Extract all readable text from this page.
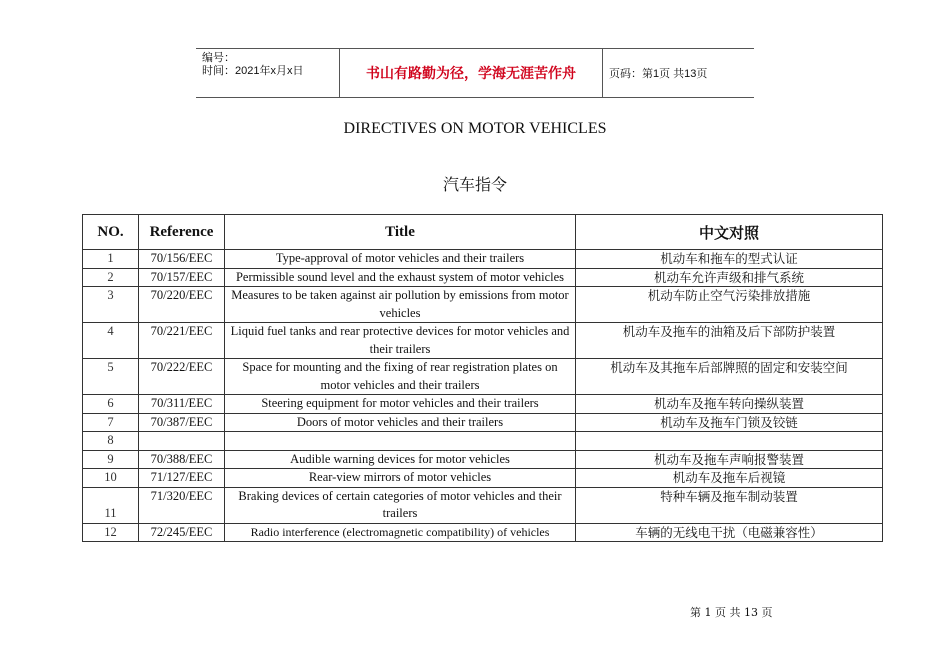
编号：
时间：2021年x月x日	书山有路勤为径，学海无涯苦作舟	页码：第1页 共13页
DIRECTIVES ON MOTOR VEHICLES
汽车指令
NO.	Reference	Title	中文对照
1	70/156/EEC	Type-approval of motor vehicles and their trailers	机动车和拖车的型式认证
2	70/157/EEC	Permissible sound level and the exhaust system of motor vehicles	机动车允许声级和排气系统
3	70/220/EEC	Measures to be taken against air pollution by emissions from motor vehicles	机动车防止空气污染排放措施
4	70/221/EEC	Liquid fuel tanks and rear protective devices for motor vehicles and their trailers	机动车及拖车的油箱及后下部防护装置
5	70/222/EEC	Space for mounting and the fixing of rear registration plates on motor vehicles and their trailers	机动车及其拖车后部牌照的固定和安装空间
6	70/311/EEC	Steering equipment for motor vehicles and their trailers	机动车及拖车转向操纵装置
7	70/387/EEC	Doors of motor vehicles and their trailers	机动车及拖车门锁及铰链
8			
9	70/388/EEC	Audible warning devices for motor vehicles	机动车及拖车声响报警装置
10	71/127/EEC	Rear-view mirrors of motor vehicles	机动车及拖车后视镜
11	71/320/EEC	Braking devices of certain categories of motor vehicles and their trailers	特种车辆及拖车制动装置
12	72/245/EEC	Radio interference (electromagnetic compatibility) of vehicles	车辆的无线电干扰（电磁兼容性）
第 1 页 共 13 页
